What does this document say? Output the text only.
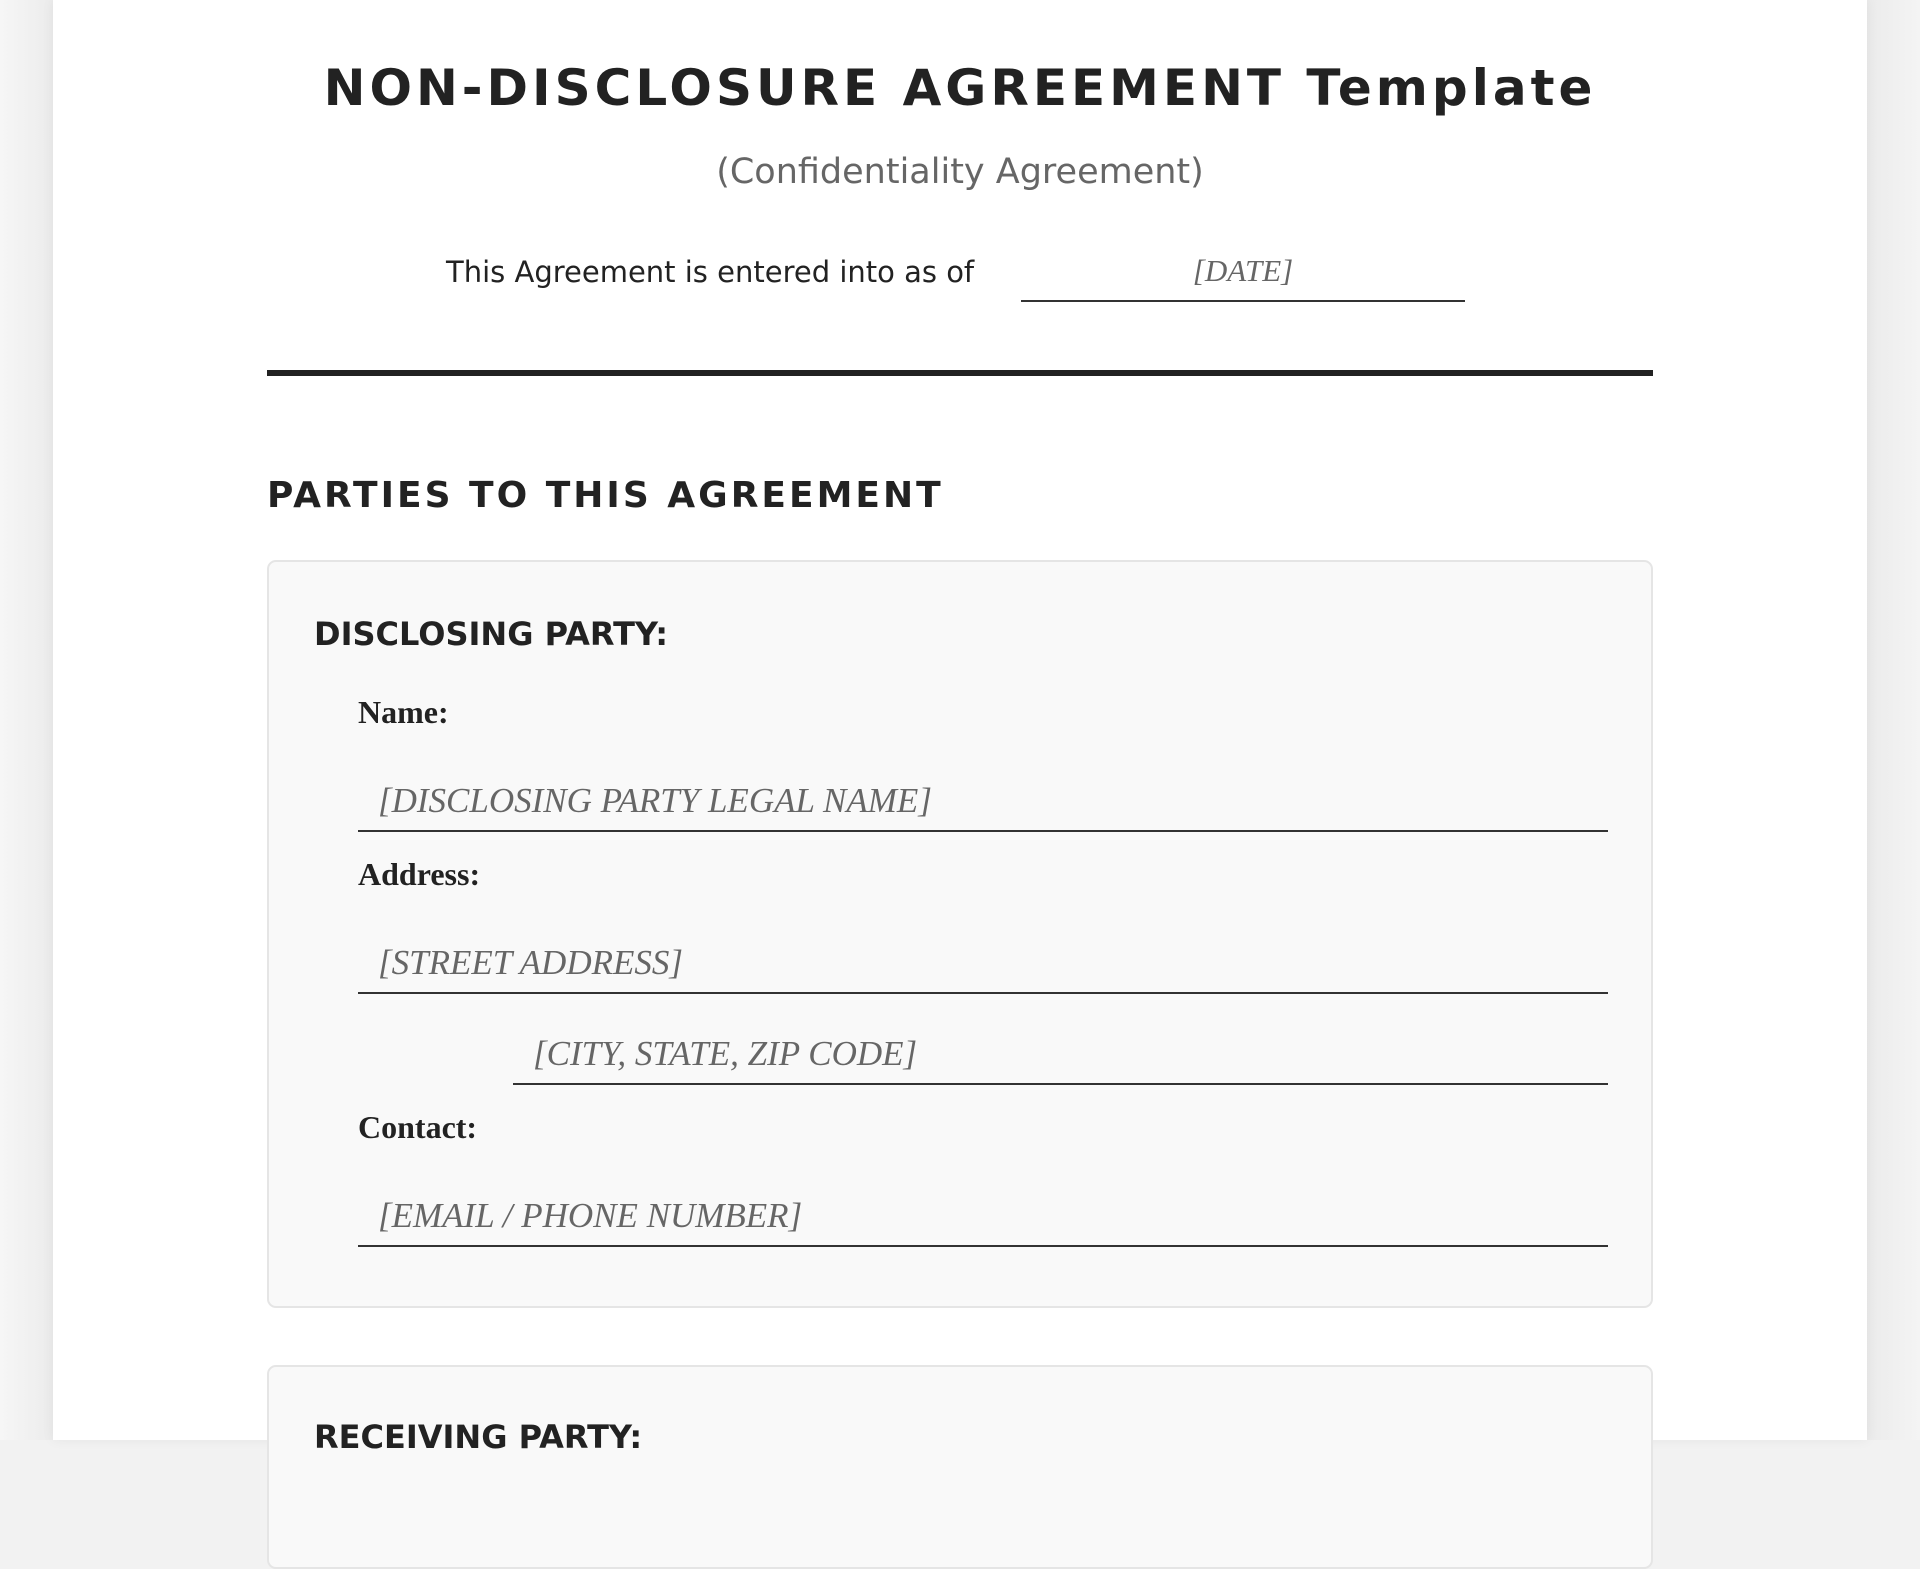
NON-DISCLOSURE AGREEMENT Template
(Confidentiality Agreement)
This Agreement is entered into as of	[DATE]
PARTIES TO THIS AGREEMENT
DISCLOSING PARTY:
Name:
[DISCLOSING PARTY LEGAL NAME]
Address:
[STREET ADDRESS]
[CITY, STATE, ZIP CODE]
Contact:
[EMAIL / PHONE NUMBER]
RECEIVING PARTY:
